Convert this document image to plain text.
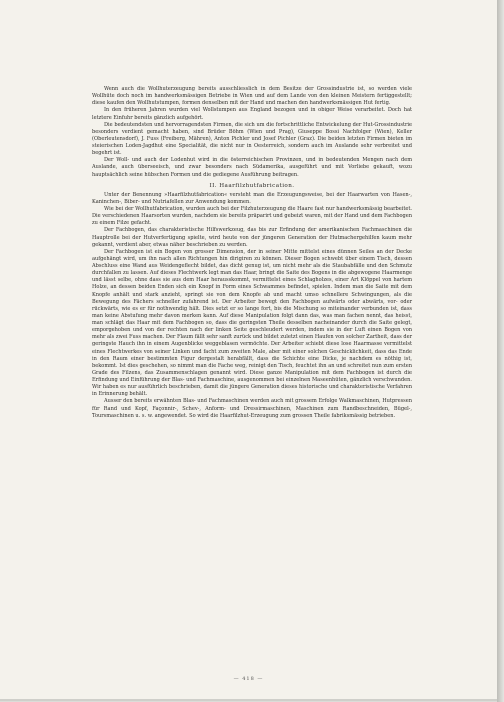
Wenn auch die Wollhuterzeugung bereits ausschliesslich in dem Besitze der Grossindustrie ist, so werden viele Wollhüte doch noch im handwerksmässigen Betriebe in Wien und auf dem Lande von den kleinen Meistern fertiggestellt; diese kaufen den Wollhutstumpen, formen denselben mit der Hand und machen den handwerksmässigen Hut fertig.

In den früheren Jahren wurden viel Wollstumpen aus England bezogen und in obiger Weise verarbeitet. Doch hat letztere Einfuhr bereits gänzlich aufgehört.

Die bedeutendsten und hervorragendsten Firmen, die sich um die fortschrittliche Entwickelung der Hut-Grossindustrie besonders verdient gemacht haben, sind Brüder Böhm (Wien und Prag), Giuseppe Bossi Nachfolger (Wien), Keller (Oberleutensdorf), J. Fuss (Freiberg, Mähren), Anton Pichler und Josef Pichler (Graz). Die beiden letzten Firmen bieten im steierischen Loden-Jagdhut eine Specialität, die nicht nur in Oesterreich, sondern auch im Auslande sehr verbreitet und begehrt ist.

Der Woll- und auch der Lodenhut wird in die österreichischen Provinzen, und in bedeutenden Mengen nach dem Auslande, auch überseeisch, und zwar besonders nach Südamerika, ausgeführt und mit Vorliebe gekauft, wozu hauptsächlich seine hübschen Formen und die gediegene Ausführung beitragen.

II. Haarfilzhutfabrication.

Unter der Benennung »Haarfilzhutfabrication« versteht man die Erzeugungsweise, bei der Haarwarten von Hasen-, Kaninchen-, Biber- und Nutriafellen zur Anwendung kommen.

Wie bei der Wollhutfabrication, wurden auch bei der Filzhuterzeugung die Haare fast nur handwerksmässig bearbeitet. Die verschiedenen Haarsorten wurden, nachdem sie bereits präparirt und gebeizt waren, mit der Hand und dem Fachbogen zu einem Filze gefacht.

Der Fachbogen, das charakteristische Hilfswerkzeug, das bis zur Erfindung der amerikanischen Fachmaschinen die Hauptrolle bei der Hutverfertigung spielte, wird heute von der jüngeren Generation der Hutmachergehilfen kaum mehr gekannt, verdient aber, etwas näher beschrieben zu werden.

Der Fachbogen ist ein Bogen von grosser Dimension, der in seiner Mitte mittelst eines dünnen Seiles an der Decke aufgehängt wird, um ihn nach allen Richtungen hin dirigiren zu können. Dieser Bogen schwebt über einem Tisch, dessen Abschluss eine Wand aus Weidengeflecht bildet, das dicht genug ist, um nicht mehr als die Staubabfälle und den Schmutz durchfallen zu lassen. Auf dieses Flechtwerk legt man das Haar, bringt die Saite des Bogens in die abgewogene Haarmenge und lässt selbe, ohne dass sie aus dem Haar herausskommt, vermittelst eines Schlagholzes, einer Art Klöppel von hartem Holze, an dessen beiden Enden sich ein Knopf in Form eines Schwammes befindet, spielen. Indem man die Saite mit dem Knopfe anhält und stark anzieht, springt sie von dem Knopfe ab und macht umso schnellere Schwingungen, als die Bewegung des Fächers schneller zufahrend ist. Der Arbeiter bewegt den Fachbogen aufwärts oder abwärts, vor- oder rückwärts, wie es er für nothwendig hält. Dies setzt er so lange fort, bis die Mischung so miteinander verbunden ist, dass man keine Abstufung mehr davon merken kann. Auf diese Manipulation folgt dann das, was man fachen nennt, das heisst, man schlägt das Haar mit dem Fachbogen so, dass die geringsten Theile desselben nacheinander durch die Saite gelegt, emporgehoben und von der rechten nach der linken Seite geschleudert werden, indem sie in der Luft einen Bogen von mehr als zwei Fuss machen. Der Flaum fällt sehr sanft zurück und bildet zuletzt einen Haufen von solcher Zartheit, dass der geringste Hauch ihn in einem Augenblicke weggeblasen vermöchte. Der Arbeiter schiebt diese lose Haarmasse vermittelst eines Flechtwerkes von seiner Linken und facht zum zweiten Male, aber mit einer solchen Geschicklichkeit, dass das Ende in den Raum einer bestimmten Figur dergestalt herabfällt, dass die Schichte eine Dicke, je nachdem es nöthig ist, bekommt. Ist dies geschehen, so nimmt man die Fache weg, reinigt den Tisch, feuchtet ihn an und schreitet nun zum ersten Grade des Filzens, das Zusammenschlagen genannt wird. Diese ganze Manipulation mit dem Fachbogen ist durch die Erfindung und Einführung der Blas- und Fachmaschine, ausgenommen bei einzelnen Maseenhüten, gänzlich verschwunden. Wir haben es nur ausführlich beschrieben, damit die jüngere Generation dieses historische und charakteristische Verfahren in Erinnerung behält.

Ausser den bereits erwähnten Blas- und Fachmaschinen werden auch mit grossem Erfolge Walkmaschinen, Hutpressen für Rand und Kopf, Façonnir-, Schev-, Anform- und Dressirmaschinen, Maschinen zum Randbeschneiden, Bügel-, Toursmaschinen u. s. w. angewendet. So wird die Haarfilzhut-Erzeugung zum grossen Theile fabriksmässig betrieben.

— 418 —
